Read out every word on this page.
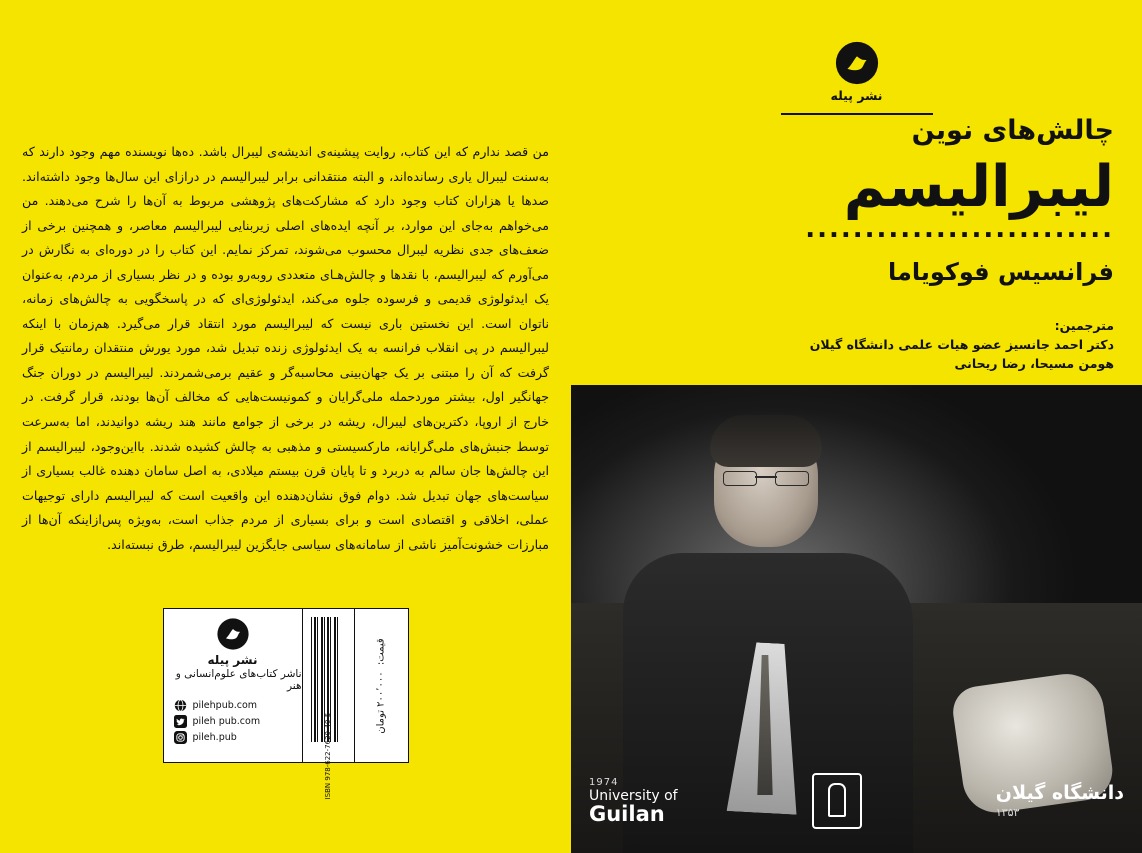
نشر پیله
چالش‌های نوین
لیبرالیسم
..........................
فرانسیس فوکویاما
مترجمین:
دکتر احمد جانسیز عضو هیات علمی دانشگاه گیلان
هومن مسیحا، رضا ریحانی
1974
University of
Guilan
دانشگاه گیلان
۱۳۵۳

من قصد ندارم که این کتاب، روایت پیشینه‌ی اندیشه‌ی لیبرال باشد. ده‌ها نویسنده مهم وجود دارند که به‌سنت لیبرال یاری رسانده‌اند، و البته منتقدانی برابر لیبرالیسم در درازای این سال‌ها وجود داشته‌اند. صدها یا هزاران کتاب وجود دارد که مشارکت‌های پژوهشی مربوط به آن‌ها را شرح می‌دهند. من می‌خواهم به‌جای این موارد، بر آنچه ایده‌های اصلی زیربنایی لیبرالیسم معاصر، و همچنین برخی از ضعف‌های جدی نظریه لیبرال محسوب می‌شوند، تمرکز نمایم. این کتاب را در دوره‌ای به نگارش در می‌آورم که لیبرالیسم، با نقدها و چالش‌هـای متعددی روبه‌رو بوده و در نظر بسیاری از مردم، به‌عنوان یک ایدئولوژی قدیمی و فرسوده جلوه می‌کند، ایدئولوژی‌ای که در پاسخگویی به چالش‌های زمانه، ناتوان است. این نخستین باری نیست که لیبرالیسم مورد انتقاد قرار می‌گیرد. هم‌زمان با اینکه لیبرالیسم در پی انقلاب فرانسه به یک ایدئولوژی زنده تبدیل شد، مورد یورش منتقدان رمانتیک قرار گرفت که آن را مبتنی بر یک جهان‌بینی محاسبه‌گر و عقیم برمی‌شمردند. لیبرالیسم در دوران جنگ جهانگیر اول، بیشتر مورد‌حمله ملی‌گرایان و کمونیست‌هایی که مخالف آن‌ها بودند، قرار گرفت. در خارج از اروپا، دکترین‌های لیبرال، ریشه در برخی از جوامع مانند هند ریشه دوانیدند، اما به‌سرعت توسط جنبش‌های ملی‌گرایانه، مارکسیستی و مذهبی به چالش کشیده شدند. بااین‌وجود، لیبرالیسم از این چالش‌ها جان سالم به دربرد و تا پایان قرن بیستم میلادی، به اصل سامان دهنده غالب بسیاری از سیاست‌های جهان تبدیل شد. دوام فوق نشان‌دهنده این واقعیت است که لیبرالیسم دارای توجیهات عملی، اخلاقی و اقتصادی است و برای بسیاری از مردم جذاب است، به‌ویژه پس‌ازاینکه آن‌ها از مبارزات خشونت‌آمیز ناشی از سامانه‌های سیاسی جایگزین لیبرالیسم، طرق نبسته‌اند.

قیمت:  ۲۰۰٬۰۰۰ تومان
ISBN 978-622-7620-40-5
نشر پیله
ناشر کتاب‌های علوم‌انسانی و هنر
pilehpub.com
pileh pub.com
pileh.pub
